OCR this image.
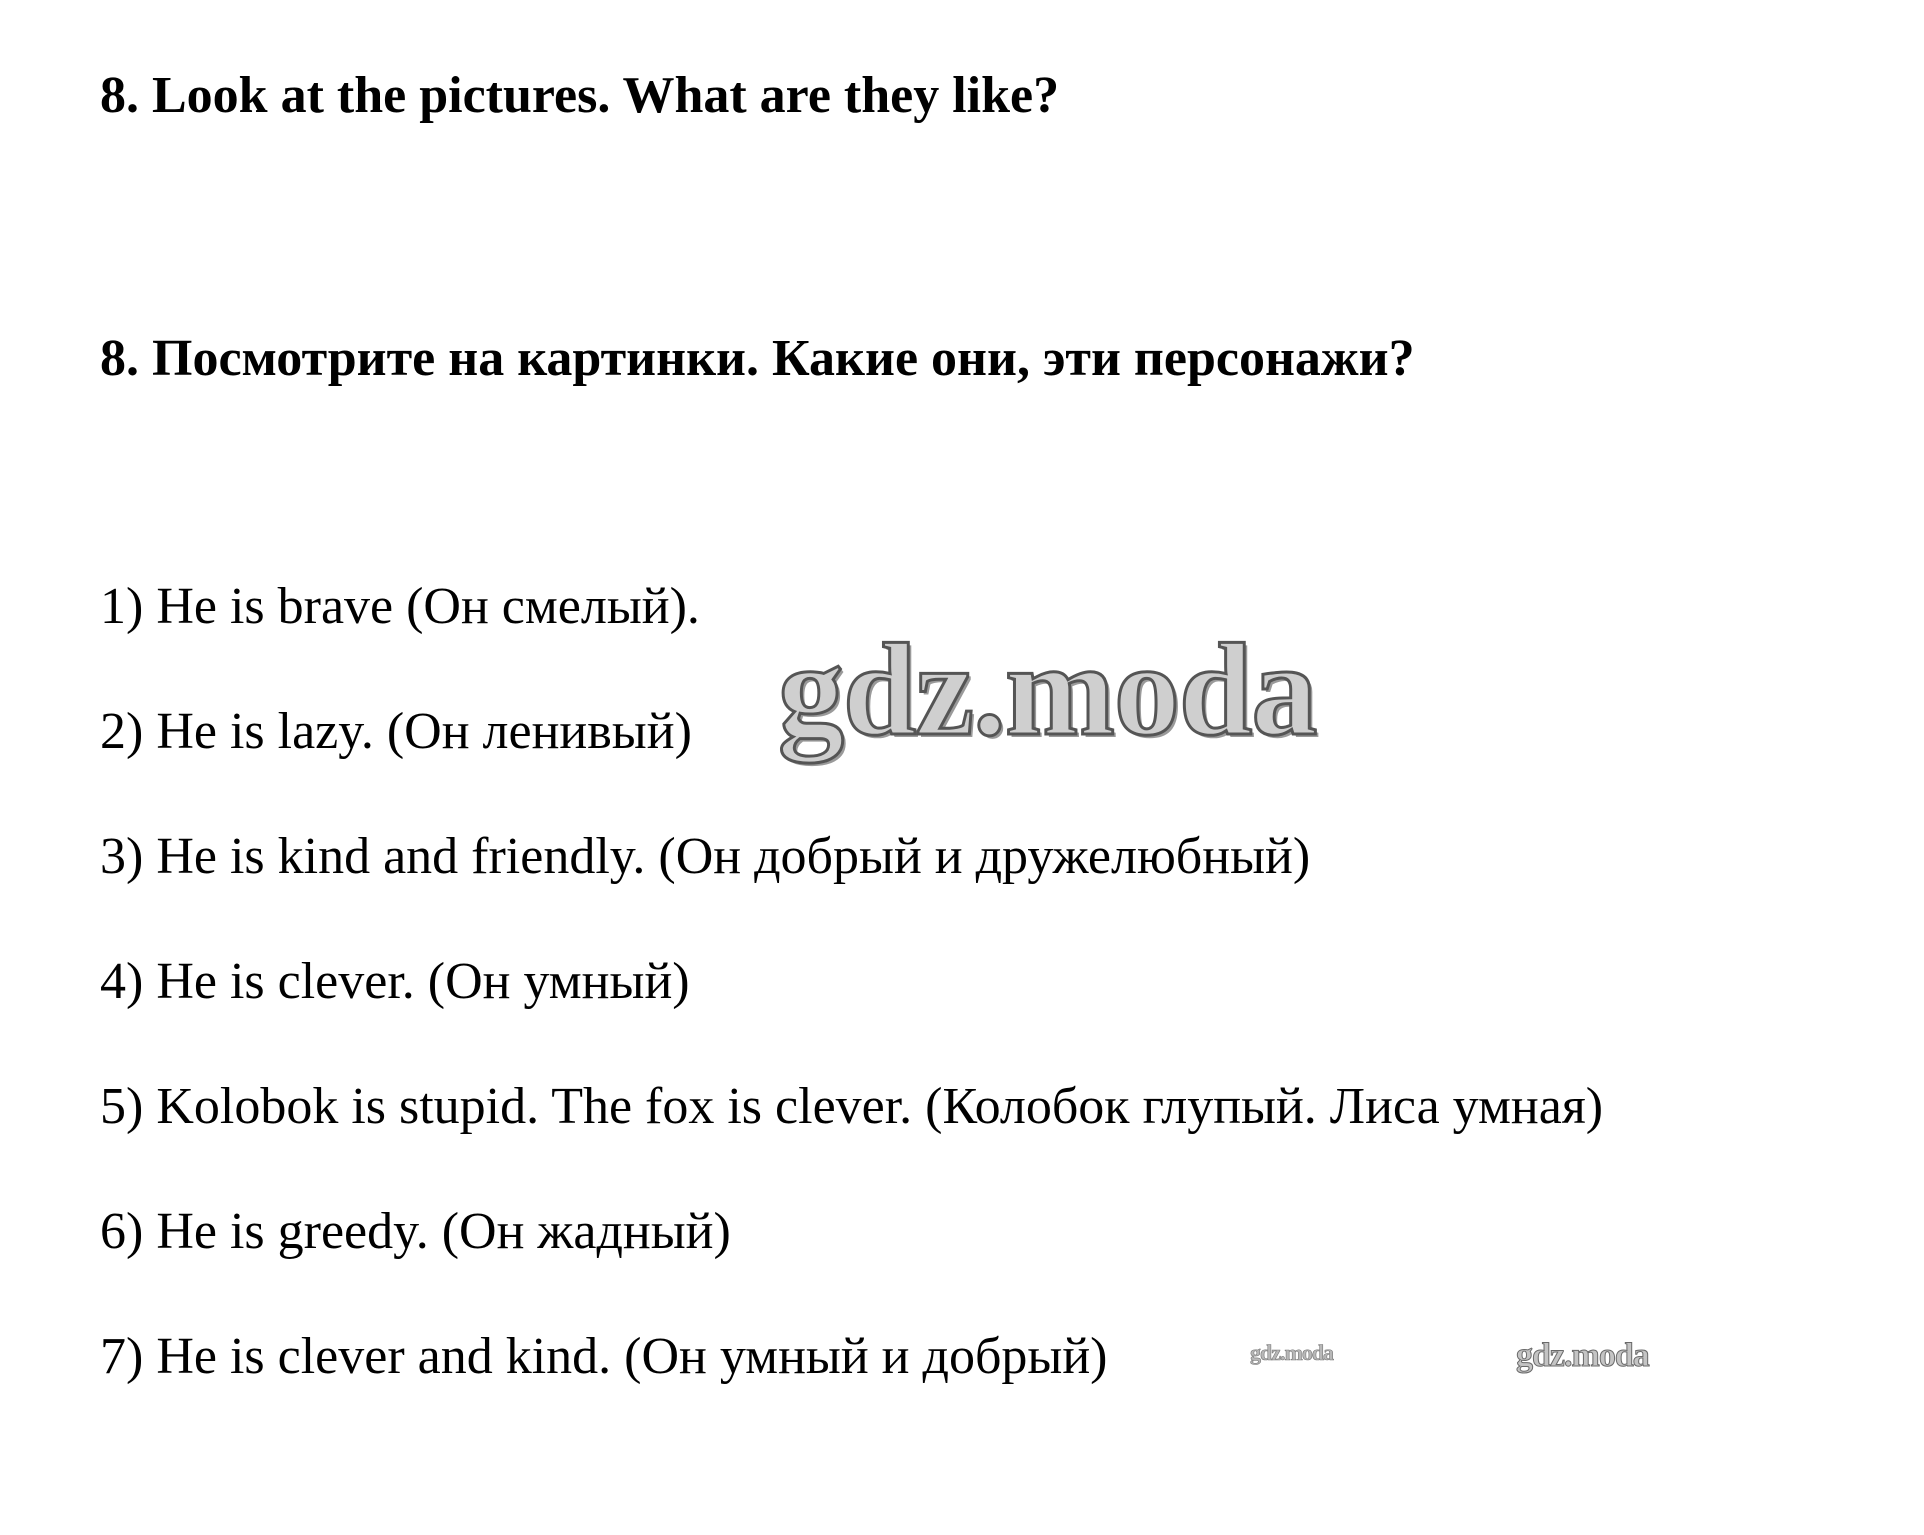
8. Look at the pictures. What are they like?
8. Посмотрите на картинки. Какие они, эти персонажи?
1) He is brave (Он смелый).
2) He is lazy. (Он ленивый)
3) He is kind and friendly. (Он добрый и дружелюбный)
4) He is clever. (Он умный)
5) Kolobok is stupid. The fox is clever. (Колобок глупый. Лиса умная)
6) He is greedy. (Он жадный)
7) He is clever and kind. (Он умный и добрый)
gdz.moda
gdz.moda	gdz.moda
